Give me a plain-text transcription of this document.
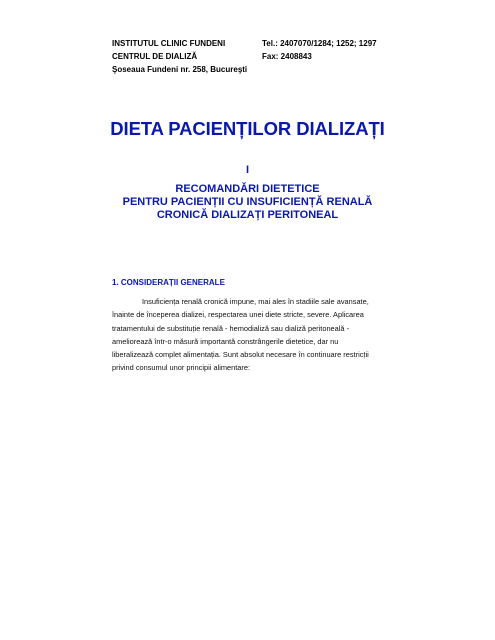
INSTITUTUL CLINIC FUNDENI	Tel.: 2407070/1284; 1252; 1297
CENTRUL DE DIALIZĂ	Fax: 2408843
Şoseaua Fundeni nr. 258, Bucureşti
DIETA PACIENȚILOR DIALIZAȚI
I
RECOMANDĂRI DIETETICE
PENTRU PACIENȚII CU INSUFICIENȚĂ RENALĂ
CRONICĂ DIALIZAȚI PERITONEAL
1. CONSIDERAȚII GENERALE
Insuficiența renală cronică impune, mai ales în stadiile sale avansate,
înainte de începerea dializei, respectarea unei diete stricte, severe. Aplicarea
tratamentului de substituție renală - hemodializă sau dializă peritoneală -
ameliorează într-o măsură importantă constrângerile dietetice, dar nu
liberalizează complet alimentația. Sunt absolut necesare în continuare restricții
privind consumul unor principii alimentare:
